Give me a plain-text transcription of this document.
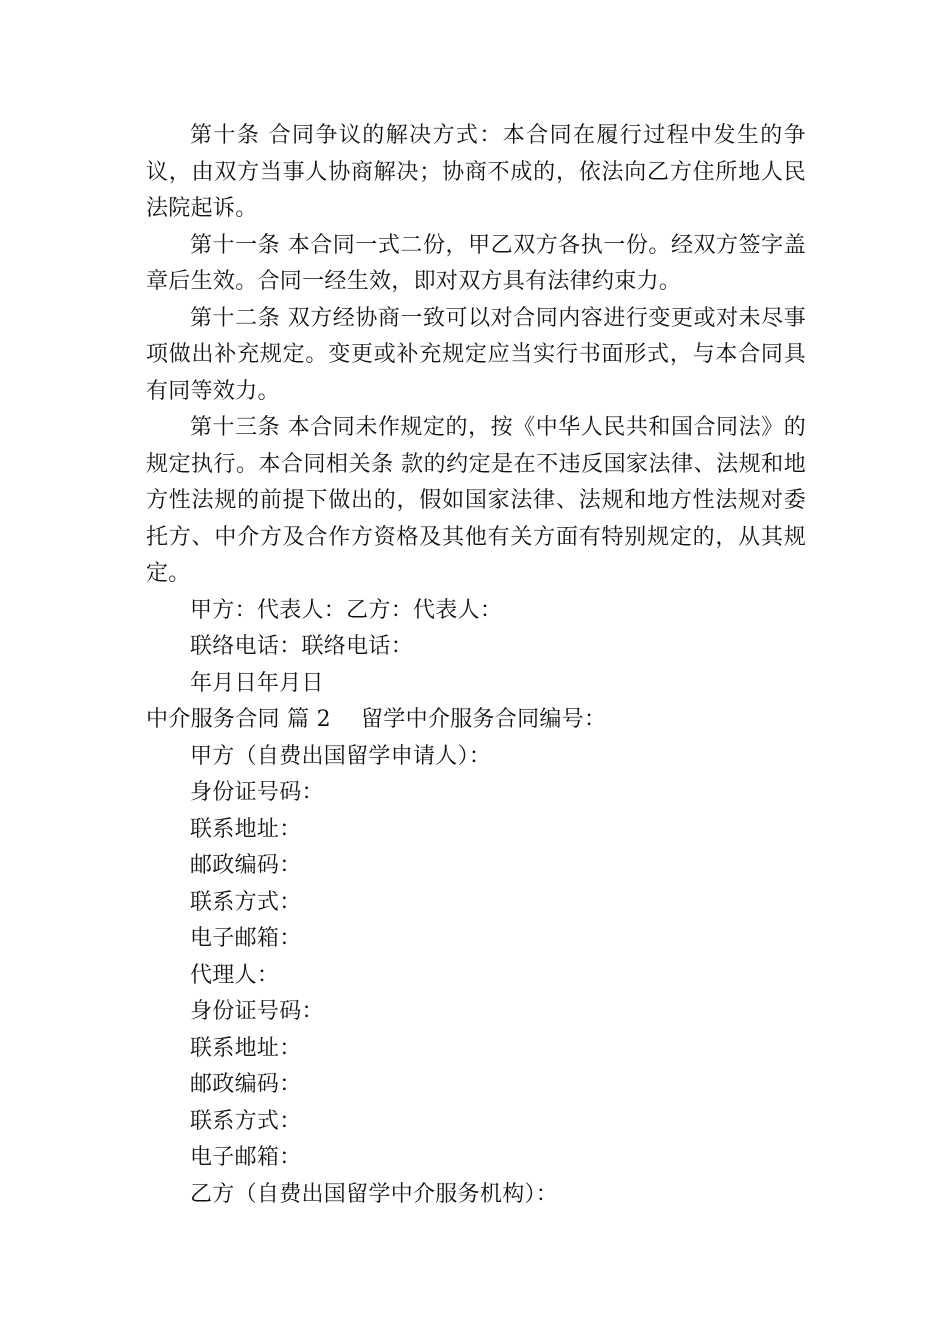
第十条 合同争议的解决方式：本合同在履行过程中发生的争议，由双方当事人协商解决；协商不成的，依法向乙方住所地人民法院起诉。

第十一条 本合同一式二份，甲乙双方各执一份。经双方签字盖章后生效。合同一经生效，即对双方具有法律约束力。

第十二条 双方经协商一致可以对合同内容进行变更或对未尽事项做出补充规定。变更或补充规定应当实行书面形式，与本合同具有同等效力。

第十三条 本合同未作规定的，按《中华人民共和国合同法》的规定执行。本合同相关条 款的约定是在不违反国家法律、法规和地方性法规的前提下做出的，假如国家法律、法规和地方性法规对委托方、中介方及合作方资格及其他有关方面有特别规定的，从其规定。

甲方：代表人：乙方：代表人：

联络电话：联络电话：

年月日年月日

中介服务合同 篇 2 留学中介服务合同编号：

甲方（自费出国留学申请人）：

身份证号码：

联系地址：

邮政编码：

联系方式：

电子邮箱：

代理人：

身份证号码：

联系地址：

邮政编码：

联系方式：

电子邮箱：

乙方（自费出国留学中介服务机构）：
